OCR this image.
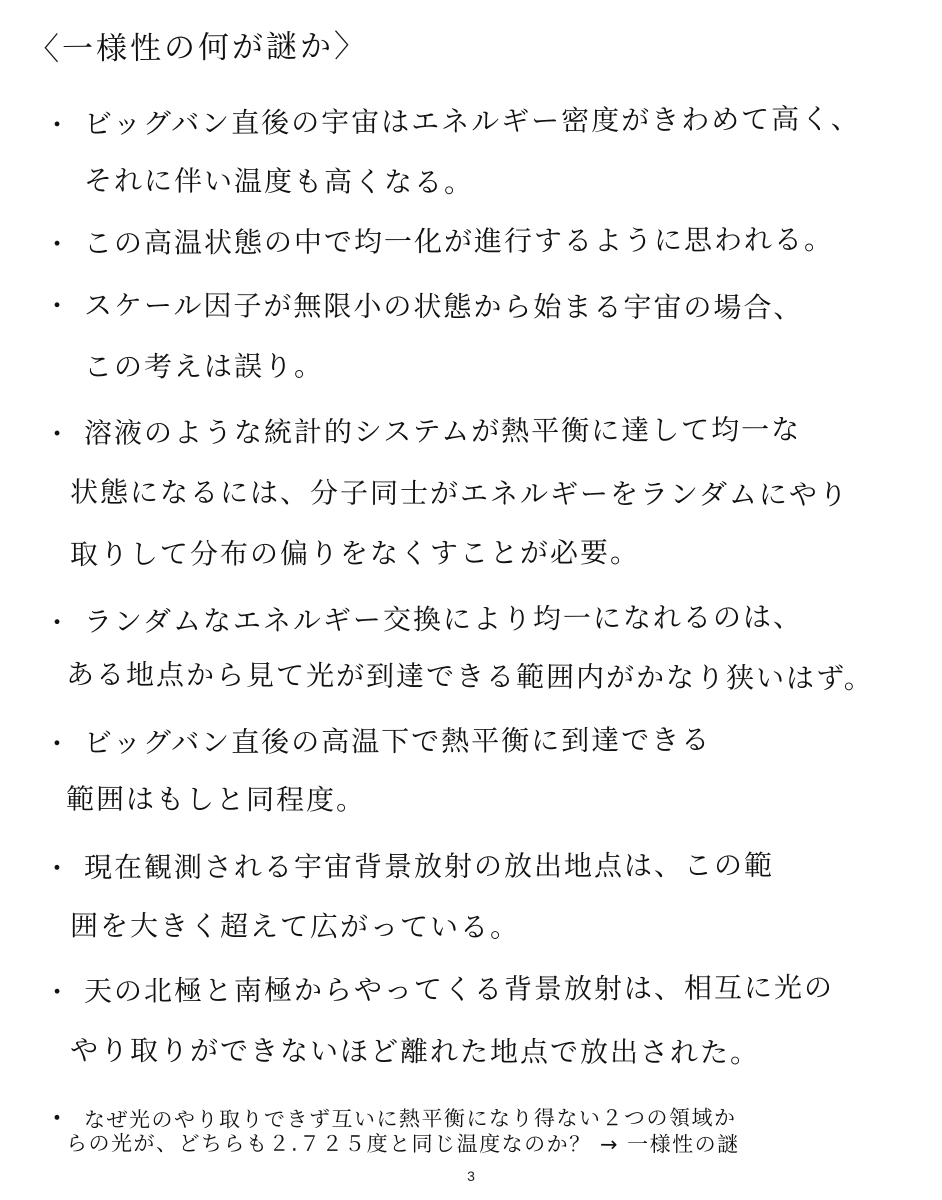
〈一様性の何が謎か〉
・ ビッグバン直後の宇宙はエネルギー密度がきわめて高く、
それに伴い温度も高くなる。
・ この高温状態の中で均一化が進行するように思われる。
・ スケール因子が無限小の状態から始まる宇宙の場合、
この考えは誤り。
・ 溶液のような統計的システムが熱平衡に達して均一な
状態になるには、分子同士がエネルギーをランダムにやり
取りして分布の偏りをなくすことが必要。
・ ランダムなエネルギー交換により均一になれるのは、
ある地点から見て光が到達できる範囲内がかなり狭いはず。
・ ビッグバン直後の高温下で熱平衡に到達できる
範囲はもしと同程度。
・ 現在観測される宇宙背景放射の放出地点は、この範
囲を大きく超えて広がっている。
・ 天の北極と南極からやってくる背景放射は、相互に光の
やり取りができないほど離れた地点で放出された。
・ なぜ光のやり取りできず互いに熱平衡になり得ない２つの領域か
らの光が、どちらも２.７２５度と同じ温度なのか？ → 一様性の謎
3
